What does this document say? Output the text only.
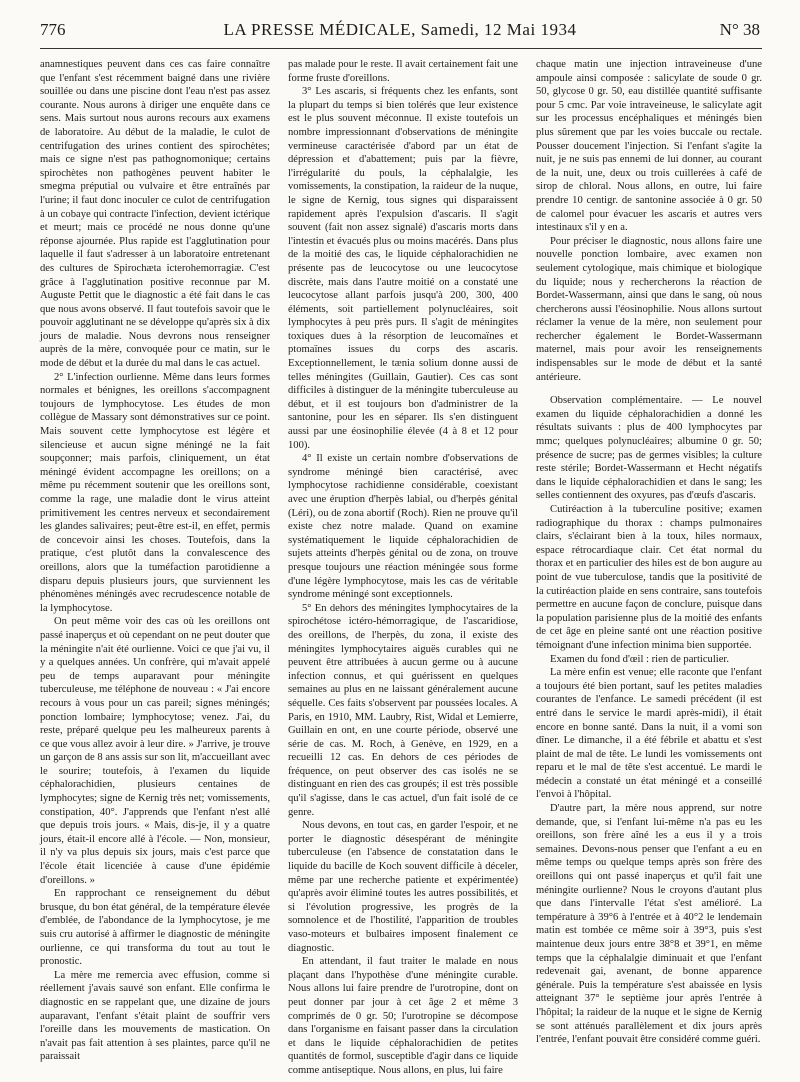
776	LA PRESSE MÉDICALE, Samedi, 12 Mai 1934	N° 38

anamnestiques peuvent dans ces cas faire connaître que l'enfant s'est récemment baigné dans une rivière souillée ou dans une piscine dont l'eau n'est pas assez courante. Nous aurons à diriger une enquête dans ce sens. Mais surtout nous aurons recours aux examens de laboratoire. Au début de la maladie, le culot de centrifugation des urines contient des spirochètes; mais ce signe n'est pas pathognomonique; certains spirochètes non pathogènes peuvent habiter le smegma préputial ou vulvaire et être entraînés par l'urine; il faut donc inoculer ce culot de centrifugation à un cobaye qui contracte l'infection, devient ictérique et meurt; mais ce procédé ne nous donne qu'une réponse ajournée. Plus rapide est l'agglutination pour laquelle il faut s'adresser à un laboratoire entretenant des cultures de Spirochæta icterohemorragiæ. C'est grâce à l'agglutination positive reconnue par M. Auguste Pettit que le diagnostic a été fait dans le cas que nous avons observé. Il faut toutefois savoir que le pouvoir agglutinant ne se développe qu'après six à dix jours de maladie. Nous devrons nous renseigner auprès de la mère, convoquée pour ce matin, sur le mode de début et la durée du mal dans le cas actuel.

2° L'infection ourlienne. Même dans leurs formes normales et bénignes, les oreillons s'accompagnent toujours de lymphocytose. Les études de mon collègue de Massary sont démonstratives sur ce point. Mais souvent cette lymphocytose est légère et silencieuse et aucun signe méningé ne la fait soupçonner; mais parfois, cliniquement, un état méningé évident accompagne les oreillons; on a même pu récemment soutenir que les oreillons sont, comme la rage, une maladie dont le virus atteint primitivement les centres nerveux et secondairement les glandes salivaires; peut-être est-il, en effet, permis de concevoir ainsi les choses. Toutefois, dans la pratique, c'est plutôt dans la convalescence des oreillons, alors que la tuméfaction parotidienne a disparu depuis plusieurs jours, que surviennent les phénomènes méningés avec recrudescence notable de la lymphocytose.

On peut même voir des cas où les oreillons ont passé inaperçus et où cependant on ne peut douter que la méningite n'ait été ourlienne. Voici ce que j'ai vu, il y a quelques années. Un confrère, qui m'avait appelé peu de temps auparavant pour méningite tuberculeuse, me téléphone de nouveau : « J'ai encore recours à vous pour un cas pareil; signes méningés; ponction lombaire; lymphocytose; venez. J'ai, du reste, préparé quelque peu les malheureux parents à ce que vous allez avoir à leur dire. » J'arrive, je trouve un garçon de 8 ans assis sur son lit, m'accueillant avec le sourire; toutefois, à l'examen du liquide céphalorachidien, plusieurs centaines de lymphocytes; signe de Kernig très net; vomissements, constipation, 40°. J'apprends que l'enfant n'est allé que depuis trois jours. « Mais, dis-je, il y a quatre jours, était-il encore allé à l'école. — Non, monsieur, il n'y va plus depuis six jours, mais c'est parce que l'école était licenciée à cause d'une épidémie d'oreillons. »

En rapprochant ce renseignement du début brusque, du bon état général, de la température élevée d'emblée, de l'abondance de la lymphocytose, je me suis cru autorisé à affirmer le diagnostic de méningite ourlienne, ce qui transforma du tout au tout le pronostic.

La mère me remercia avec effusion, comme si réellement j'avais sauvé son enfant. Elle confirma le diagnostic en se rappelant que, une dizaine de jours auparavant, l'enfant s'était plaint de souffrir vers l'oreille dans les mouvements de mastication. On n'avait pas fait attention à ses plaintes, parce qu'il ne paraissait

pas malade pour le reste. Il avait certainement fait une forme fruste d'oreillons.

3° Les ascaris, si fréquents chez les enfants, sont la plupart du temps si bien tolérés que leur existence est le plus souvent méconnue. Il existe toutefois un nombre impressionnant d'observations de méningite vermineuse caractérisée d'abord par un état de dépression et d'abattement; puis par la fièvre, l'irrégularité du pouls, la céphalalgie, les vomissements, la constipation, la raideur de la nuque, le signe de Kernig, tous signes qui disparaissent rapidement après l'expulsion d'ascaris. Il s'agit souvent (fait non assez signalé) d'ascaris morts dans l'intestin et évacués plus ou moins macérés. Dans plus de la moitié des cas, le liquide céphalorachidien ne présente pas de leucocytose ou une leucocytose discrète, mais dans l'autre moitié on a constaté une leucocytose allant parfois jusqu'à 200, 300, 400 éléments, soit partiellement polynucléaires, soit lymphocytes à peu près purs. Il s'agit de méningites toxiques dues à la résorption de leucomaïnes et ptomaïnes issues du corps des ascaris. Exceptionnellement, le tænia solium donne aussi de telles méningites (Guillain, Gautier). Ces cas sont difficiles à distinguer de la méningite tuberculeuse au début, et il est toujours bon d'administrer de la santonine, pour les en séparer. Ils s'en distinguent aussi par une éosinophilie élevée (4 à 8 et 12 pour 100).

4° Il existe un certain nombre d'observations de syndrome méningé bien caractérisé, avec lymphocytose rachidienne considérable, coexistant avec une éruption d'herpès labial, ou d'herpès génital (Léri), ou de zona abortif (Roch). Rien ne prouve qu'il existe chez notre malade. Quand on examine systématiquement le liquide céphalorachidien de sujets atteints d'herpès génital ou de zona, on trouve presque toujours une réaction méningée sous forme d'une légère lymphocytose, mais les cas de véritable syndrome méningé sont exceptionnels.

5° En dehors des méningites lymphocytaires de la spirochétose ictéro-hémorragique, de l'ascaridiose, des oreillons, de l'herpès, du zona, il existe des méningites lymphocytaires aiguës curables qui ne peuvent être attribuées à aucun germe ou à aucune infection connus, et qui guérissent en quelques semaines au plus en ne laissant généralement aucune séquelle. Ces faits s'observent par poussées locales. A Paris, en 1910, MM. Laubry, Rist, Widal et Lemierre, Guillain en ont, en une courte période, observé une série de cas. M. Roch, à Genève, en 1929, en a recueilli 12 cas. En dehors de ces périodes de fréquence, on peut observer des cas isolés ne se distinguant en rien des cas groupés; il est très possible qu'il s'agisse, dans le cas actuel, d'un fait isolé de ce genre.

Nous devons, en tout cas, en garder l'espoir, et ne porter le diagnostic désespérant de méningite tuberculeuse (en l'absence de constatation dans le liquide du bacille de Koch souvent difficile à déceler, même par une recherche patiente et expérimentée) qu'après avoir éliminé toutes les autres possibilités, et si l'évolution progressive, les progrès de la somnolence et de l'hostilité, l'apparition de troubles vaso-moteurs et bulbaires imposent finalement ce diagnostic.

En attendant, il faut traiter le malade en nous plaçant dans l'hypothèse d'une méningite curable. Nous allons lui faire prendre de l'urotropine, dont on peut donner par jour à cet âge 2 et même 3 comprimés de 0 gr. 50; l'urotropine se décompose dans l'organisme en faisant passer dans la circulation et dans le liquide céphalorachidien de petites quantités de formol, susceptible d'agir dans ce liquide comme antiseptique. Nous allons, en plus, lui faire

chaque matin une injection intraveineuse d'une ampoule ainsi composée : salicylate de soude 0 gr. 50, glycose 0 gr. 50, eau distillée quantité suffisante pour 5 cmc. Par voie intraveineuse, le salicylate agit sur les processus encéphaliques et méningés bien plus sûrement que par les voies buccale ou rectale. Pousser doucement l'injection. Si l'enfant s'agite la nuit, je ne suis pas ennemi de lui donner, au courant de la nuit, une, deux ou trois cuillerées à café de sirop de chloral. Nous allons, en outre, lui faire prendre 10 centigr. de santonine associée à 0 gr. 50 de calomel pour évacuer les ascaris et autres vers intestinaux s'il y en a.

Pour préciser le diagnostic, nous allons faire une nouvelle ponction lombaire, avec examen non seulement cytologique, mais chimique et biologique du liquide; nous y rechercherons la réaction de Bordet-Wassermann, ainsi que dans le sang, où nous chercherons aussi l'éosinophilie. Nous allons surtout réclamer la venue de la mère, non seulement pour rechercher également le Bordet-Wassermann maternel, mais pour avoir les renseignements indispensables sur le mode de début et la santé antérieure.

Observation complémentaire. — Le nouvel examen du liquide céphalorachidien a donné les résultats suivants : plus de 400 lymphocytes par mmc; quelques polynucléaires; albumine 0 gr. 50; présence de sucre; pas de germes visibles; la culture reste stérile; Bordet-Wassermann et Hecht négatifs dans le liquide céphalorachidien et dans le sang; les selles contiennent des oxyures, pas d'œufs d'ascaris.

Cutiréaction à la tuberculine positive; examen radiographique du thorax : champs pulmonaires clairs, s'éclairant bien à la toux, hiles normaux, espace rétrocardiaque clair. Cet état normal du thorax et en particulier des hiles est de bon augure au point de vue tuberculose, tandis que la positivité de la cutiréaction plaide en sens contraire, sans toutefois permettre en aucune façon de conclure, puisque dans la population parisienne plus de la moitié des enfants de cet âge en pleine santé ont une réaction positive témoignant d'une infection minima bien supportée.

Examen du fond d'œil : rien de particulier.

La mère enfin est venue; elle raconte que l'enfant a toujours été bien portant, sauf les petites maladies courantes de l'enfance. Le samedi précédent (il est entré dans le service le mardi après-midi), il était encore en bonne santé. Dans la nuit, il a vomi son dîner. Le dimanche, il a été fébrile et abattu et s'est plaint de mal de tête. Le lundi les vomissements ont reparu et le mal de tête s'est accentué. Le mardi le médecin a constaté un état méningé et a conseillé l'envoi à l'hôpital.

D'autre part, la mère nous apprend, sur notre demande, que, si l'enfant lui-même n'a pas eu les oreillons, son frère aîné les a eus il y a trois semaines. Devons-nous penser que l'enfant a eu en même temps ou quelque temps après son frère des oreillons qui ont passé inaperçus et qu'il fait une méningite ourlienne? Nous le croyons d'autant plus que dans l'intervalle l'état s'est amélioré. La température à 39°6 à l'entrée et à 40°2 le lendemain matin est tombée ce même soir à 39°3, puis s'est maintenue deux jours entre 38°8 et 39°1, en même temps que la céphalalgie diminuait et que l'enfant redevenait gai, avenant, de bonne apparence générale. Puis la température s'est abaissée en lysis atteignant 37° le septième jour après l'entrée à l'hôpital; la raideur de la nuque et le signe de Kernig se sont atténués parallèlement et dix jours après l'entrée, l'enfant pouvait être considéré comme guéri.
